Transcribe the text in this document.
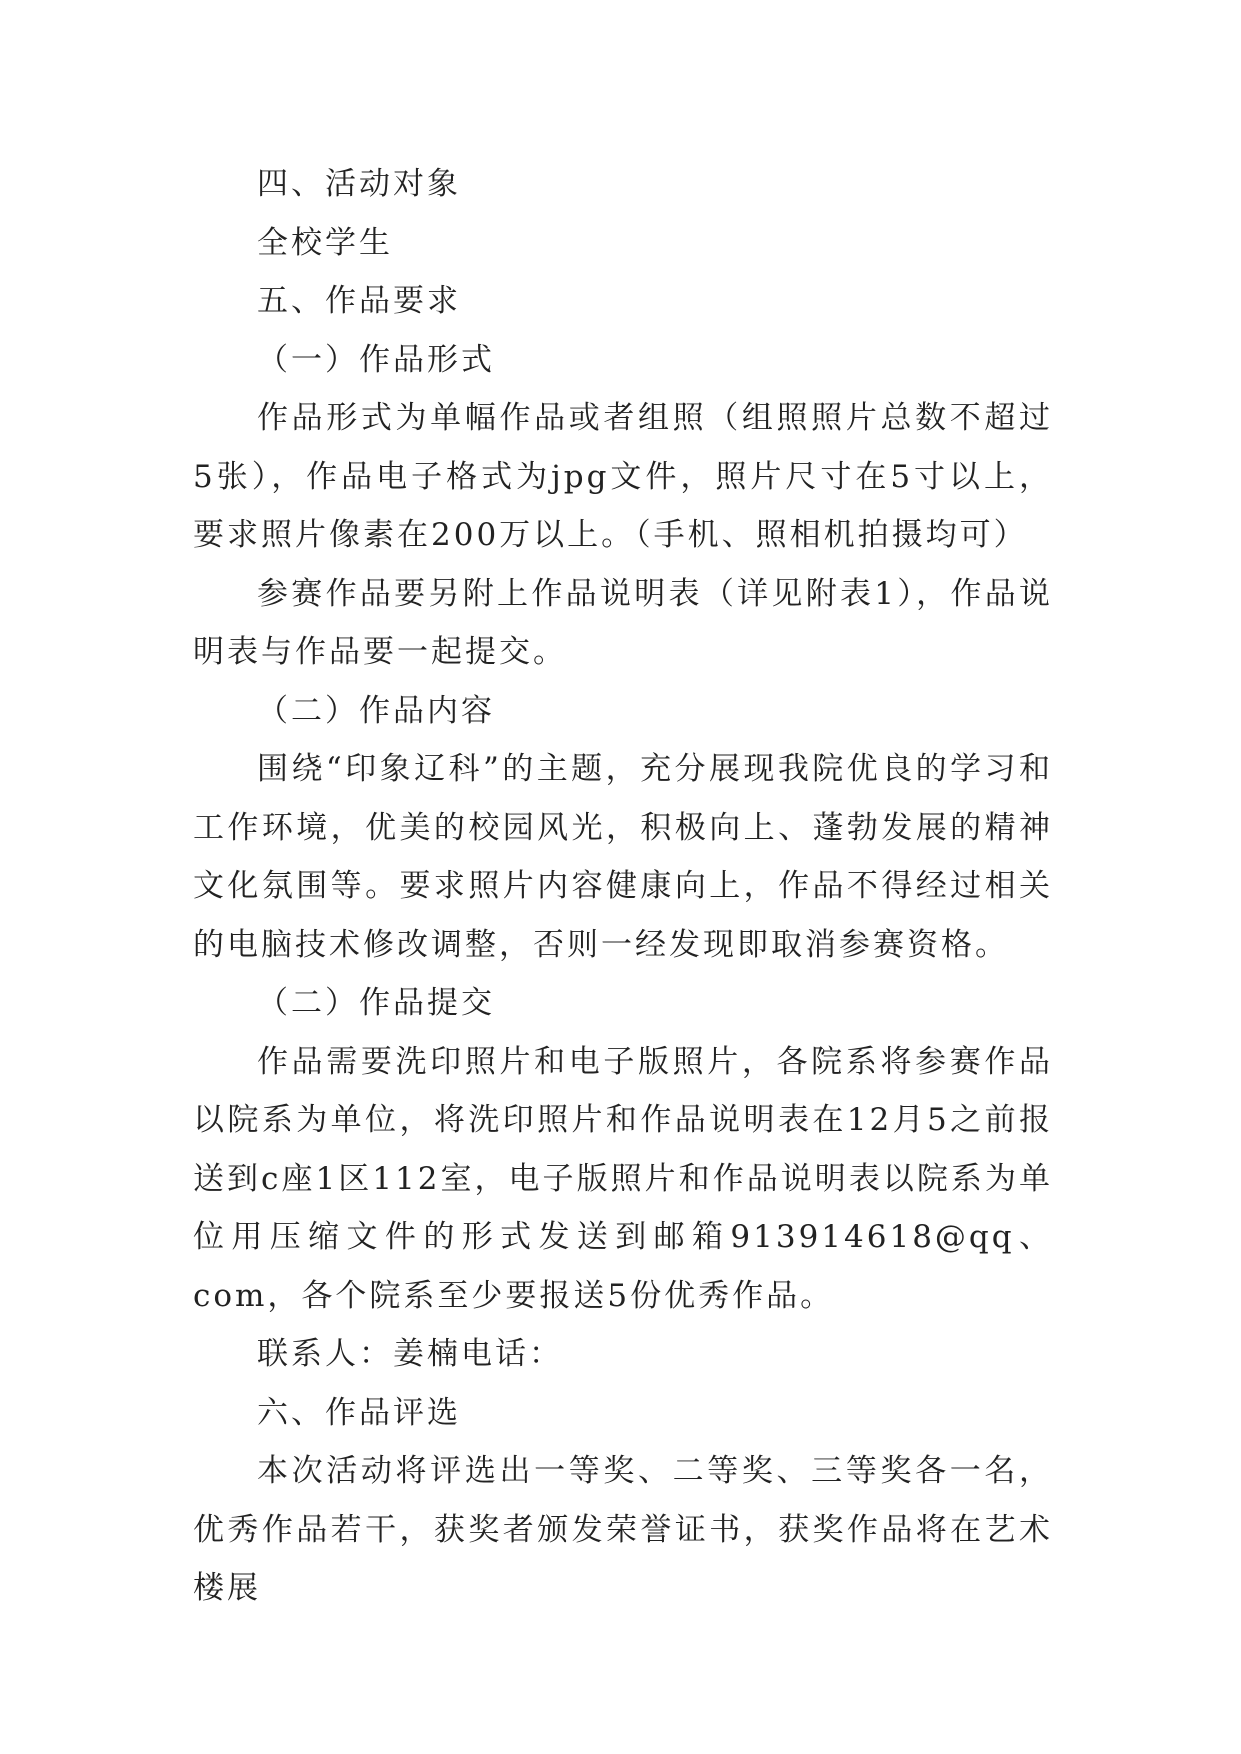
四、活动对象

全校学生

五、作品要求

（一）作品形式

作品形式为单幅作品或者组照（组照照片总数不超过5张），作品电子格式为jpg文件，照片尺寸在5寸以上，要求照片像素在200万以上。（手机、照相机拍摄均可）

参赛作品要另附上作品说明表（详见附表1），作品说明表与作品要一起提交。

（二）作品内容

围绕“印象辽科”的主题，充分展现我院优良的学习和工作环境，优美的校园风光，积极向上、蓬勃发展的精神文化氛围等。要求照片内容健康向上，作品不得经过相关的电脑技术修改调整，否则一经发现即取消参赛资格。

（二）作品提交

作品需要洗印照片和电子版照片，各院系将参赛作品以院系为单位，将洗印照片和作品说明表在12月5之前报送到c座1区112室，电子版照片和作品说明表以院系为单位用压缩文件的形式发送到邮箱913914618@qq、com，各个院系至少要报送5份优秀作品。

联系人：姜楠电话：

六、作品评选

本次活动将评选出一等奖、二等奖、三等奖各一名，优秀作品若干，获奖者颁发荣誉证书，获奖作品将在艺术楼展
